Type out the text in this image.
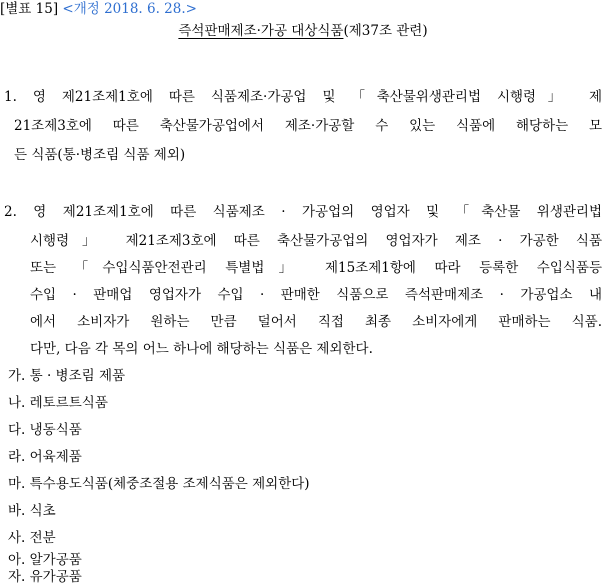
[별표 15] <개정 2018. 6. 28.>
즉석판매제조·가공 대상식품(제37조 관련)
1. 영 제21조제1호에 따른 식품제조·가공업 및 「축산물위생관리법 시행령」 제
21조제3호에 따른 축산물가공업에서 제조·가공할 수 있는 식품에 해당하는 모
든 식품(통·병조림 식품 제외)
2. 영 제21조제1호에 따른 식품제조 · 가공업의 영업자 및 「축산물 위생관리법
시행령」 제21조제3호에 따른 축산물가공업의 영업자가 제조 · 가공한 식품
또는 「수입식품안전관리 특별법」 제15조제1항에 따라 등록한 수입식품등
수입 · 판매업 영업자가 수입 · 판매한 식품으로 즉석판매제조 · 가공업소 내
에서 소비자가 원하는 만큼 덜어서 직접 최종 소비자에게 판매하는 식품.
다만, 다음 각 목의 어느 하나에 해당하는 식품은 제외한다.
가. 통 · 병조림 제품
나. 레토르트식품
다. 냉동식품
라. 어육제품
마. 특수용도식품(체중조절용 조제식품은 제외한다)
바. 식초
사. 전분
아. 알가공품
자. 유가공품
